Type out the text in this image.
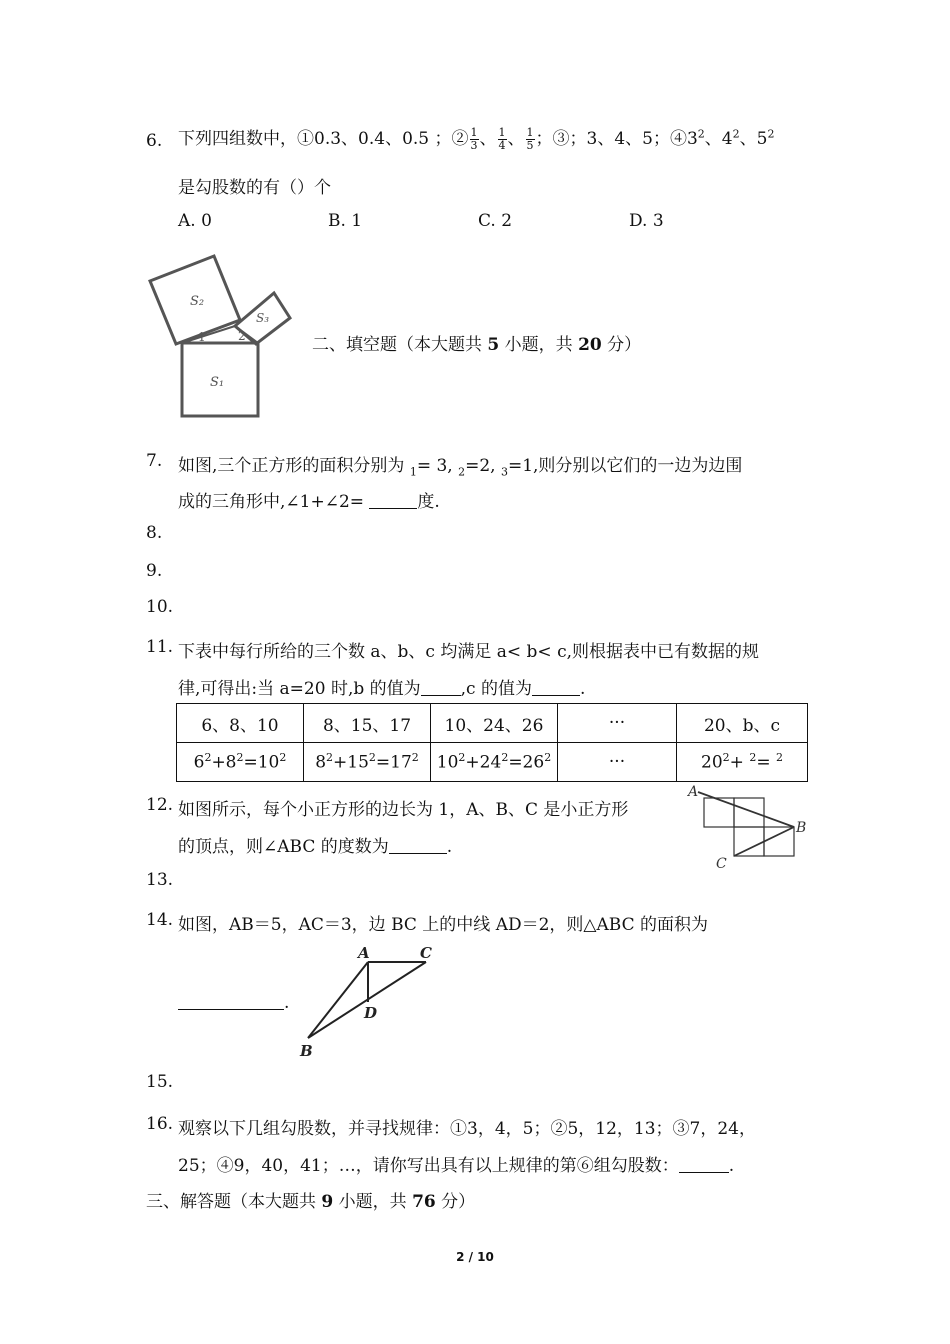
6. 下列四组数中，①0.3、0.4、0.5 ；② $\frac{1}{3}$ 、 $\frac{1}{4}$ 、 $\frac{1}{5}$ ；③；3、4、5；$④3^2$、$4^2$、$5^2$
是勾股数的有（）个
A. 0	B. 1	C. 2	D. 3
S₁
S₂
S₃
1	2	二、填空题（本大题共 5 小题，共 20 分）
7. 如图,三个正方形的面积分别为 $_1$= 3, $_2$=2, $_3$=1,则分别以它们的一边为边围
成的三角形中,∠1+∠2=	度.
8.
9.
10.
11. 下表中每行所给的三个数 a、b、c 均满足 a< b< c,则根据表中已有数据的规
律,可得出:当 a=20 时,b 的值为 ,c 的值为	.
6、8、10	8、15、17	10、24、26	···	20、b、c
$6^2+8^2=10^2$	$8^2+15^2=17^2$	$10^2+24^2=26^2$	···	$20^2+ ^2= ^2$
12. 如图所示，每个小正方形的边长为 1，A、B、C 是小正方形
的顶点，则∠ABC 的度数为	.
A
B
C
13.
14. 如图，AB＝5，AC＝3，边 BC 上的中线 AD＝2，则△ABC 的面积为
.
A	C
D
B
15.
16. 观察以下几组勾股数，并寻找规律：①3，4，5；②5，12，13；③7，24，
25；④9，40，41；…，请你写出具有以上规律的第⑥组勾股数：	.
三、解答题（本大题共 9 小题，共 76 分）
2 / 10
